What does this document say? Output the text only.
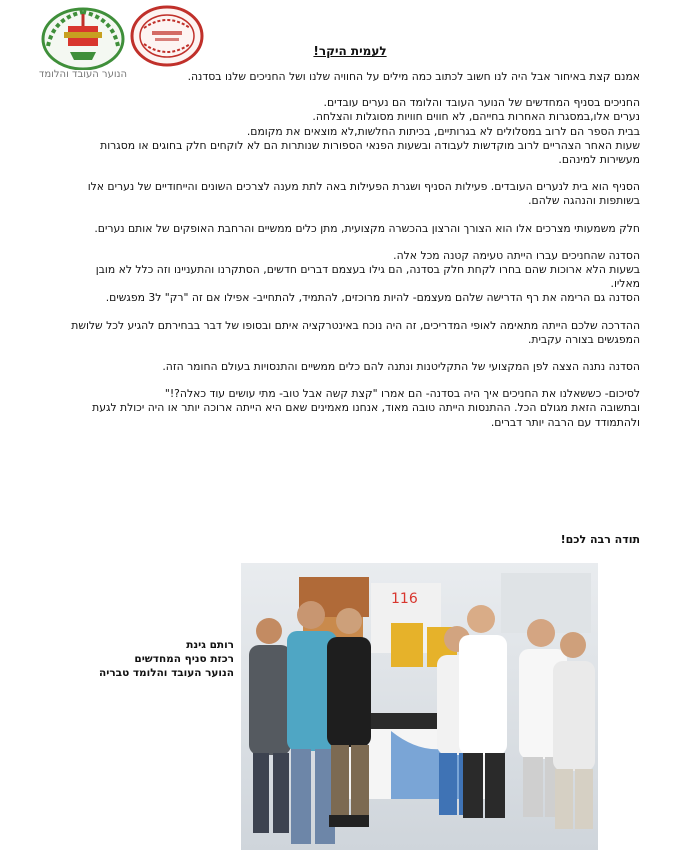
הנוער העובד והלומד
לעמית היקר!

אמנם קצת באיחור אבל היה לנו חשוב לכתוב כמה מילים על החוויה שלנו ושל החניכים שלנו בסדנה.

החניכים בסניף המחדשים של הנוער העובד והלומד הם נערים עובדים.
נערים אלו,במסגרות האחרות בחייהם, לא חווים חוויות מסוגלות והצלחה.
בבית הספר הם לרוב במסלולים לא בגרותיים, בכיתות החלשות,לא מוצאים את מקומם.
שעות האחר הצהריים לרוב מוקדשות לעבודה ובשעות הפנאי הספורות שנותרות הם לא לוקחים חלק בחוגים או מסגרות מעשירות למינהם.

הסניף הוא בית לנערים העובדים. פעילות הסניף ושגרת הפעילות באה לתת מענה לצרכים השונים והייחודיים של נערים אלו בשותפות והנהגה שלהם.

חלק משמעותי מצרכים אלו הוא הצורך והרצון בהכשרה מקצועית, מתן כלים ממשיים והרחבת האופקים של אותם נערים.

הסדנה שהחניכים עברו הייתה טעימה קטנה מכל אלה.
בשעות הלא ארוכות שהם בחרו לקחת חלק בסדנה, הם גילו בעצמם דברים חדשים, הסתקרנו והתעניינו וזה כלל לא מובן מאליו.
הסדנה גם הרימה את רף הדרישה שלהם מעצמם- להיות מרוכזים, להתמיד, להתחייב- אפילו אם זה "רק" ל3 מפגשים.

ההדרכה שלכם הייתה מתאימה לאופי המדריכים, זה היה נוכח באינטרקציה איתם ובסופו של דבר בבחירתם להגיע לכל שלושת המפגשים בצורה עקבית.

הסדנה נתנה הצצה לפן המקצועי של התקליטנות ונתנה להם כלים ממשיים והתנסויות בעולם החומר הזה.

לסיכום- כששאלנו את החניכים איך היה בסדנה- הם אמרו "קצת קשה אבל טוב- מתי עושים עוד כאלה?!"
ובתשובה הזאת מגולם הכל. ההתנסות הייתה טובה מאוד, אנחנו מאמינים שאם היא הייתה ארוכה יותר או היה יכולת לגעת ולהתמודד עם הרבה יותר דברים.

תודה רבה לכם!
רותם גינת
רכזת סניף המחדשים
הנוער העובד והלומד טבריה
116
